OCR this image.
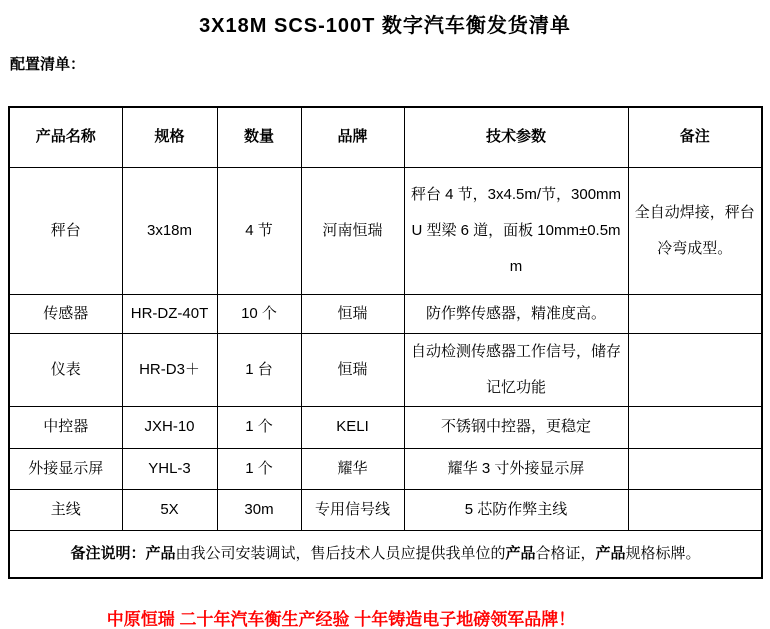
3X18M SCS-100T 数字汽车衡发货清单
配置清单：
产品名称	规格	数量	品牌	技术参数	备注
秤台	3x18m	4 节	河南恒瑞	秤台 4 节，3x4.5m/节，300mmU 型梁 6 道，面板 10mm±0.5mm	全自动焊接，秤台冷弯成型。
传感器	HR-DZ-40T	10 个	恒瑞	防作弊传感器，精准度高。	
仪表	HR-D3＋	1 台	恒瑞	自动检测传感器工作信号，储存记忆功能	
中控器	JXH-10	1 个	KELI	不锈钢中控器，更稳定	
外接显示屏	YHL-3	1 个	耀华	耀华 3 寸外接显示屏	
主线	5X	30m	专用信号线	5 芯防作弊主线	
备注说明：产品由我公司安装调试，售后技术人员应提供我单位的产品合格证，产品规格标牌。					
中原恒瑞 二十年汽车衡生产经验 十年铸造电子地磅领军品牌！
